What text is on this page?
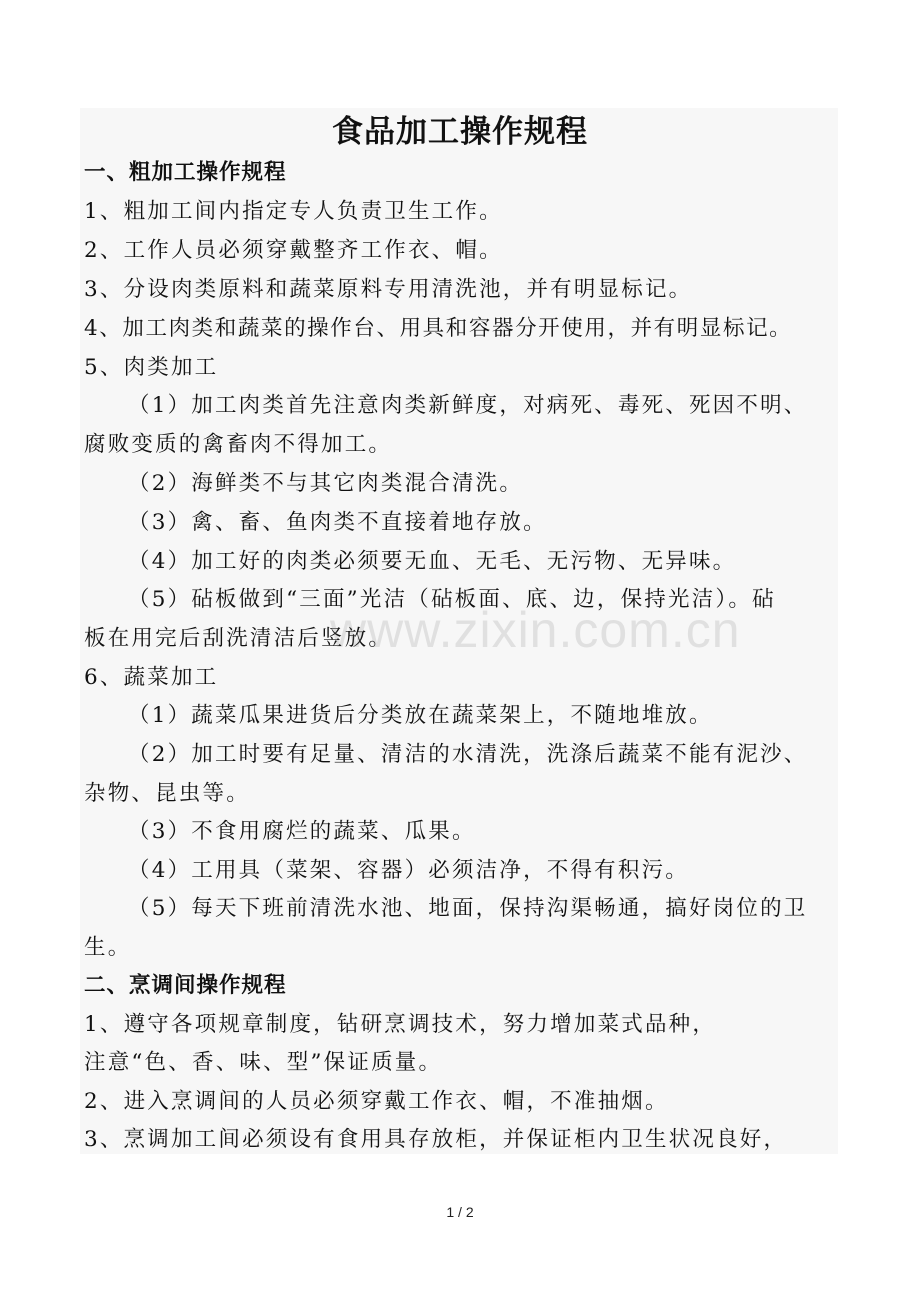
食品加工操作规程
一、粗加工操作规程
1、粗加工间内指定专人负责卫生工作。
2、工作人员必须穿戴整齐工作衣、帽。
3、分设肉类原料和蔬菜原料专用清洗池，并有明显标记。
4、加工肉类和蔬菜的操作台、用具和容器分开使用，并有明显标记。
5、肉类加工
（1）加工肉类首先注意肉类新鲜度，对病死、毒死、死因不明、
腐败变质的禽畜肉不得加工。
（2）海鲜类不与其它肉类混合清洗。
（3）禽、畜、鱼肉类不直接着地存放。
（4）加工好的肉类必须要无血、无毛、无污物、无异味。
（5）砧板做到“三面”光洁（砧板面、底、边，保持光洁）。砧
板在用完后刮洗清洁后竖放。
6、蔬菜加工
（1）蔬菜瓜果进货后分类放在蔬菜架上，不随地堆放。
（2）加工时要有足量、清洁的水清洗，洗涤后蔬菜不能有泥沙、
杂物、昆虫等。
（3）不食用腐烂的蔬菜、瓜果。
（4）工用具（菜架、容器）必须洁净，不得有积污。
（5）每天下班前清洗水池、地面，保持沟渠畅通，搞好岗位的卫
生。
二、烹调间操作规程
1、遵守各项规章制度，钻研烹调技术，努力增加菜式品种，
注意“色、香、味、型”保证质量。
2、进入烹调间的人员必须穿戴工作衣、帽，不准抽烟。
3、烹调加工间必须设有食用具存放柜，并保证柜内卫生状况良好，
www.zixin.com.cn
1 / 2
